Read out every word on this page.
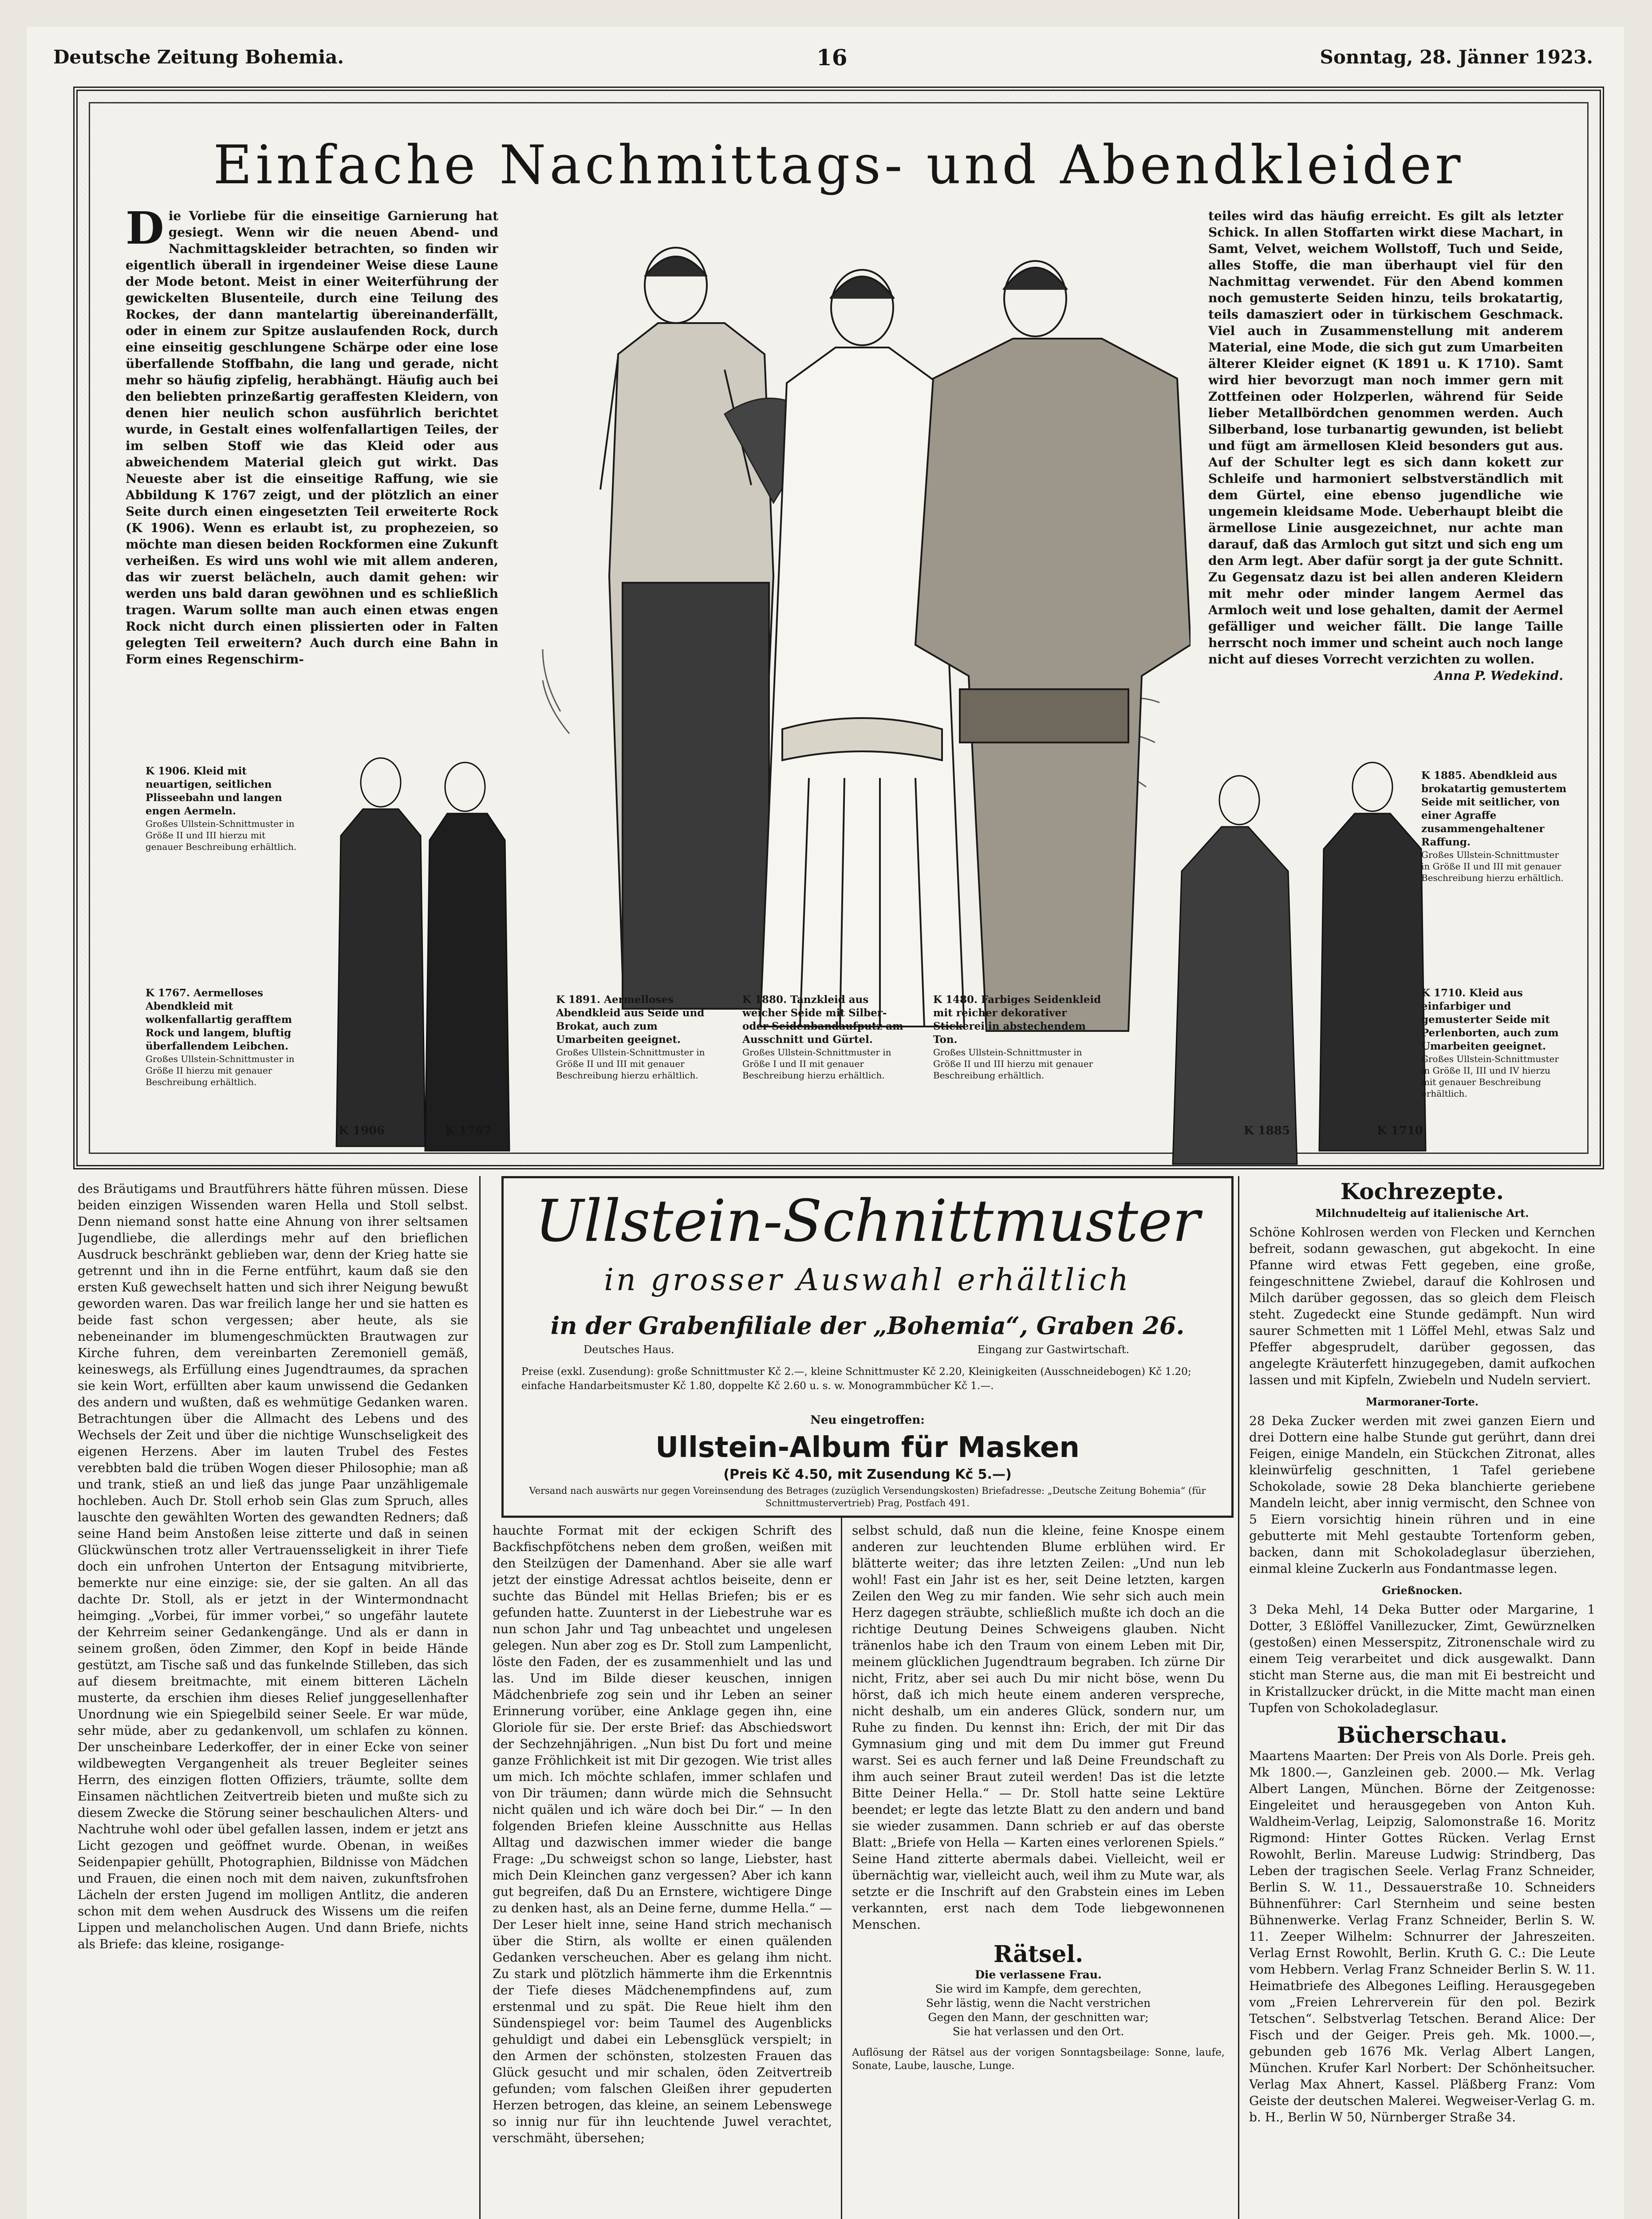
Deutsche Zeitung Bohemia.	16	Sonntag, 28. Jänner 1923.
Einfache Nachmittags- und Abendkleider
Die Vorliebe für die einseitige Garnierung hat gesiegt. Wenn wir die neuen Abend- und Nachmittagskleider betrachten, so finden wir eigentlich überall in irgendeiner Weise diese Laune der Mode betont. Meist in einer Weiterführung der gewickelten Blusenteile, durch eine Teilung des Rockes, der dann mantelartig übereinanderfällt, oder in einem zur Spitze auslaufenden Rock, durch eine einseitig geschlungene Schärpe oder eine lose überfallende Stoffbahn, die lang und gerade, nicht mehr so häufig zipfelig, herabhängt. Häufig auch bei den beliebten prinzeßartig geraffesten Kleidern, von denen hier neulich schon ausführlich berichtet wurde, in Gestalt eines wolfenfallartigen Teiles, der im selben Stoff wie das Kleid oder aus abweichendem Material gleich gut wirkt. Das Neueste aber ist die einseitige Raffung, wie sie Abbildung K 1767 zeigt, und der plötzlich an einer Seite durch einen eingesetzten Teil erweiterte Rock (K 1906). Wenn es erlaubt ist, zu prophezeien, so möchte man diesen beiden Rockformen eine Zukunft verheißen. Es wird uns wohl wie mit allem anderen, das wir zuerst belächeln, auch damit gehen: wir werden uns bald daran gewöhnen und es schließlich tragen. Warum sollte man auch einen etwas engen Rock nicht durch einen plissierten oder in Falten gelegten Teil erweitern? Auch durch eine Bahn in Form eines Regenschirm-
teiles wird das häufig erreicht. Es gilt als letzter Schick. In allen Stoffarten wirkt diese Machart, in Samt, Velvet, weichem Wollstoff, Tuch und Seide, alles Stoffe, die man überhaupt viel für den Nachmittag verwendet. Für den Abend kommen noch gemusterte Seiden hinzu, teils brokatartig, teils damasziert oder in türkischem Geschmack. Viel auch in Zusammenstellung mit anderem Material, eine Mode, die sich gut zum Umarbeiten älterer Kleider eignet (K 1891 u. K 1710). Samt wird hier bevorzugt man noch immer gern mit Zottfeinen oder Holzperlen, während für Seide lieber Metallbördchen genommen werden. Auch Silberband, lose turbanartig gewunden, ist beliebt und fügt am ärmellosen Kleid besonders gut aus. Auf der Schulter legt es sich dann kokett zur Schleife und harmoniert selbstverständlich mit dem Gürtel, eine ebenso jugendliche wie ungemein kleidsame Mode. Ueberhaupt bleibt die ärmellose Linie ausgezeichnet, nur achte man darauf, daß das Armloch gut sitzt und sich eng um den Arm legt. Aber dafür sorgt ja der gute Schnitt. Zu Gegensatz dazu ist bei allen anderen Kleidern mit mehr oder minder langem Aermel das Armloch weit und lose gehalten, damit der Aermel gefälliger und weicher fällt. Die lange Taille herrscht noch immer und scheint auch noch lange nicht auf dieses Vorrecht verzichten zu wollen.
Anna P. Wedekind.
K 1906. Kleid mit neuartigen, seitlichen Plisseebahn und langen engen Aermeln.
Großes Ullstein-Schnittmuster in Größe II und III hierzu mit genauer Beschreibung erhältlich.
K 1767. Aermelloses Abendkleid mit wolkenfallartig gerafftem Rock und langem, bluftig überfallendem Leibchen.
Großes Ullstein-Schnittmuster in Größe II hierzu mit genauer Beschreibung erhältlich.
K 1891. Aermelloses Abendkleid aus Seide und Brokat, auch zum Umarbeiten geeignet.
Großes Ullstein-Schnittmuster in Größe II und III mit genauer Beschreibung hierzu erhältlich.
K 1880. Tanzkleid aus weicher Seide mit Silber- oder Seidenbandaufputz am Ausschnitt und Gürtel.
Großes Ullstein-Schnittmuster in Größe I und II mit genauer Beschreibung hierzu erhältlich.
K 1480. Farbiges Seidenkleid mit reicher dekorativer Stickerei in abstechendem Ton.
Großes Ullstein-Schnittmuster in Größe II und III hierzu mit genauer Beschreibung erhältlich.
K 1885. Abendkleid aus brokatartig gemustertem Seide mit seitlicher, von einer Agraffe zusammengehaltener Raffung.
Großes Ullstein-Schnittmuster in Größe II und III mit genauer Beschreibung hierzu erhältlich.
K 1710. Kleid aus einfarbiger und gemusterter Seide mit Perlenborten, auch zum Umarbeiten geeignet.
Großes Ullstein-Schnittmuster in Größe II, III und IV hierzu mit genauer Beschreibung erhältlich.
K 1906	K 1767	K 1885	K 1710
Ullstein-Schnittmuster
in grosser Auswahl erhältlich
in der Grabenfiliale der „Bohemia“, Graben 26.
Deutsches Haus.	Eingang zur Gastwirtschaft.
Preise (exkl. Zusendung): große Schnittmuster Kč 2.—, kleine Schnittmuster Kč 2.20, Kleinigkeiten (Ausschneidebogen) Kč 1.20; einfache Handarbeitsmuster Kč 1.80, doppelte Kč 2.60 u. s. w. Monogrammbücher Kč 1.—.
Neu eingetroffen:
Ullstein-Album für Masken
(Preis Kč 4.50, mit Zusendung Kč 5.—)
Versand nach auswärts nur gegen Voreinsendung des Betrages (zuzüglich Versendungskosten) Briefadresse: „Deutsche Zeitung Bohemia“ (für Schnittmustervertrieb) Prag, Postfach 491.
des Bräutigams und Brautführers hätte führen müssen. Diese beiden einzigen Wissenden waren Hella und Stoll selbst. Denn niemand sonst hatte eine Ahnung von ihrer seltsamen Jugendliebe, die allerdings mehr auf den brieflichen Ausdruck beschränkt geblieben war, denn der Krieg hatte sie getrennt und ihn in die Ferne entführt, kaum daß sie den ersten Kuß gewechselt hatten und sich ihrer Neigung bewußt geworden waren. Das war freilich lange her und sie hatten es beide fast schon vergessen; aber heute, als sie nebeneinander im blumengeschmückten Brautwagen zur Kirche fuhren, dem vereinbarten Zeremoniell gemäß, keineswegs, als Erfüllung eines Jugendtraumes, da sprachen sie kein Wort, erfüllten aber kaum unwissend die Gedanken des andern und wußten, daß es wehmütige Gedanken waren. Betrachtungen über die Allmacht des Lebens und des Wechsels der Zeit und über die nichtige Wunschseligkeit des eigenen Herzens. Aber im lauten Trubel des Festes verebbten bald die trüben Wogen dieser Philosophie; man aß und trank, stieß an und ließ das junge Paar unzähligemale hochleben. Auch Dr. Stoll erhob sein Glas zum Spruch, alles lauschte den gewählten Worten des gewandten Redners; daß seine Hand beim Anstoßen leise zitterte und daß in seinen Glückwünschen trotz aller Vertrauensseligkeit in ihrer Tiefe doch ein unfrohen Unterton der Entsagung mitvibrierte, bemerkte nur eine einzige: sie, der sie galten. An all das dachte Dr. Stoll, als er jetzt in der Wintermondnacht heimging. „Vorbei, für immer vorbei,“ so ungefähr lautete der Kehrreim seiner Gedankengänge. Und als er dann in seinem großen, öden Zimmer, den Kopf in beide Hände gestützt, am Tische saß und das funkelnde Stilleben, das sich auf diesem breitmachte, mit einem bitteren Lächeln musterte, da erschien ihm dieses Relief junggesellenhafter Unordnung wie ein Spiegelbild seiner Seele. Er war müde, sehr müde, aber zu gedankenvoll, um schlafen zu können. Der unscheinbare Lederkoffer, der in einer Ecke von seiner wildbewegten Vergangenheit als treuer Begleiter seines Herrn, des einzigen flotten Offiziers, träumte, sollte dem Einsamen nächtlichen Zeitvertreib bieten und mußte sich zu diesem Zwecke die Störung seiner beschaulichen Alters- und Nachtruhe wohl oder übel gefallen lassen, indem er jetzt ans Licht gezogen und geöffnet wurde. Obenan, in weißes Seidenpapier gehüllt, Photographien, Bildnisse von Mädchen und Frauen, die einen noch mit dem naiven, zukunftsfrohen Lächeln der ersten Jugend im molligen Antlitz, die anderen schon mit dem wehen Ausdruck des Wissens um die reifen Lippen und melancholischen Augen. Und dann Briefe, nichts als Briefe: das kleine, rosigange-
hauchte Format mit der eckigen Schrift des Backfischpfötchens neben dem großen, weißen mit den Steilzügen der Damenhand. Aber sie alle warf jetzt der einstige Adressat achtlos beiseite, denn er suchte das Bündel mit Hellas Briefen; bis er es gefunden hatte. Zuunterst in der Liebestruhe war es nun schon Jahr und Tag unbeachtet und ungelesen gelegen. Nun aber zog es Dr. Stoll zum Lampenlicht, löste den Faden, der es zusammenhielt und las und las. Und im Bilde dieser keuschen, innigen Mädchenbriefe zog sein und ihr Leben an seiner Erinnerung vorüber, eine Anklage gegen ihn, eine Gloriole für sie. Der erste Brief: das Abschiedswort der Sechzehnjährigen. „Nun bist Du fort und meine ganze Fröhlichkeit ist mit Dir gezogen. Wie trist alles um mich. Ich möchte schlafen, immer schlafen und von Dir träumen; dann würde mich die Sehnsucht nicht quälen und ich wäre doch bei Dir.“ — In den folgenden Briefen kleine Ausschnitte aus Hellas Alltag und dazwischen immer wieder die bange Frage: „Du schweigst schon so lange, Liebster, hast mich Dein Kleinchen ganz vergessen? Aber ich kann gut begreifen, daß Du an Ernstere, wichtigere Dinge zu denken hast, als an Deine ferne, dumme Hella.“ — Der Leser hielt inne, seine Hand strich mechanisch über die Stirn, als wollte er einen quälenden Gedanken verscheuchen. Aber es gelang ihm nicht. Zu stark und plötzlich hämmerte ihm die Erkenntnis der Tiefe dieses Mädchenempfindens auf, zum erstenmal und zu spät. Die Reue hielt ihm den Sündenspiegel vor: beim Taumel des Augenblicks gehuldigt und dabei ein Lebensglück verspielt; in den Armen der schönsten, stolzesten Frauen das Glück gesucht und mir schalen, öden Zeitvertreib gefunden; vom falschen Gleißen ihrer gepuderten Herzen betrogen, das kleine, an seinem Lebenswege so innig nur für ihn leuchtende Juwel verachtet, verschmäht, übersehen;

selbst schuld, daß nun die kleine, feine Knospe einem anderen zur leuchtenden Blume erblühen wird. Er blätterte weiter; das ihre letzten Zeilen: „Und nun leb wohl! Fast ein Jahr ist es her, seit Deine letzten, kargen Zeilen den Weg zu mir fanden. Wie sehr sich auch mein Herz dagegen sträubte, schließlich mußte ich doch an die richtige Deutung Deines Schweigens glauben. Nicht tränenlos habe ich den Traum von einem Leben mit Dir, meinem glücklichen Jugendtraum begraben. Ich zürne Dir nicht, Fritz, aber sei auch Du mir nicht böse, wenn Du hörst, daß ich mich heute einem anderen verspreche, nicht deshalb, um ein anderes Glück, sondern nur, um Ruhe zu finden. Du kennst ihn: Erich, der mit Dir das Gymnasium ging und mit dem Du immer gut Freund warst. Sei es auch ferner und laß Deine Freundschaft zu ihm auch seiner Braut zuteil werden! Das ist die letzte Bitte Deiner Hella.“ — Dr. Stoll hatte seine Lektüre beendet; er legte das letzte Blatt zu den andern und band sie wieder zusammen. Dann schrieb er auf das oberste Blatt: „Briefe von Hella — Karten eines verlorenen Spiels.“ Seine Hand zitterte abermals dabei. Vielleicht, weil er übernächtig war, vielleicht auch, weil ihm zu Mute war, als setzte er die Inschrift auf den Grabstein eines im Leben verkannten, erst nach dem Tode liebgewonnenen Menschen.

Rätsel.
Die verlassene Frau.
Sie wird im Kampfe, dem gerechten,
Sehr lästig, wenn die Nacht verstrichen
Gegen den Mann, der geschnitten war;
Sie hat verlassen und den Ort.

Auflösung der Rätsel aus der vorigen Sonntagsbeilage: Sonne, laufe, Sonate, Laube, lausche, Lunge.

Kochrezepte.
Milchnudelteig auf italienische Art.

Schöne Kohlrosen werden von Flecken und Kernchen befreit, sodann gewaschen, gut abgekocht. In eine Pfanne wird etwas Fett gegeben, eine große, feingeschnittene Zwiebel, darauf die Kohlrosen und Milch darüber gegossen, das so gleich dem Fleisch steht. Zugedeckt eine Stunde gedämpft. Nun wird saurer Schmetten mit 1 Löffel Mehl, etwas Salz und Pfeffer abgesprudelt, darüber gegossen, das angelegte Kräuterfett hinzugegeben, damit aufkochen lassen und mit Kipfeln, Zwiebeln und Nudeln serviert.

Marmoraner-Torte.

28 Deka Zucker werden mit zwei ganzen Eiern und drei Dottern eine halbe Stunde gut gerührt, dann drei Feigen, einige Mandeln, ein Stückchen Zitronat, alles kleinwürfelig geschnitten, 1 Tafel geriebene Schokolade, sowie 28 Deka blanchierte geriebene Mandeln leicht, aber innig vermischt, den Schnee von 5 Eiern vorsichtig hinein rühren und in eine gebutterte mit Mehl gestaubte Tortenform geben, backen, dann mit Schokoladeglasur überziehen, einmal kleine Zuckerln aus Fondantmasse legen.

Grießnocken.

3 Deka Mehl, 14 Deka Butter oder Margarine, 1 Dotter, 3 Eßlöffel Vanillezucker, Zimt, Gewürznelken (gestoßen) einen Messerspitz, Zitronenschale wird zu einem Teig verarbeitet und dick ausgewalkt. Dann sticht man Sterne aus, die man mit Ei bestreicht und in Kristallzucker drückt, in die Mitte macht man einen Tupfen von Schokoladeglasur.

Bücherschau.

Maartens Maarten: Der Preis von Als Dorle. Preis geh. Mk 1800.—, Ganzleinen geb. 2000.— Mk. Verlag Albert Langen, München. Börne der Zeitgenosse: Eingeleitet und herausgegeben von Anton Kuh. Waldheim-Verlag, Leipzig, Salomonstraße 16. Moritz Rigmond: Hinter Gottes Rücken. Verlag Ernst Rowohlt, Berlin. Mareuse Ludwig: Strindberg, Das Leben der tragischen Seele. Verlag Franz Schneider, Berlin S. W. 11., Dessauerstraße 10. Schneiders Bühnenführer: Carl Sternheim und seine besten Bühnenwerke. Verlag Franz Schneider, Berlin S. W. 11. Zeeper Wilhelm: Schnurrer der Jahreszeiten. Verlag Ernst Rowohlt, Berlin. Kruth G. C.: Die Leute vom Hebbern. Verlag Franz Schneider Berlin S. W. 11. Heimatbriefe des Albegones Leifling. Herausgegeben vom „Freien Lehrerverein für den pol. Bezirk Tetschen“. Selbstverlag Tetschen. Berand Alice: Der Fisch und der Geiger. Preis geh. Mk. 1000.—, gebunden geb 1676 Mk. Verlag Albert Langen, München. Krufer Karl Norbert: Der Schönheitsucher. Verlag Max Ahnert, Kassel. Pläßberg Franz: Vom Geiste der deutschen Malerei. Wegweiser-Verlag G. m. b. H., Berlin W 50, Nürnberger Straße 34.
